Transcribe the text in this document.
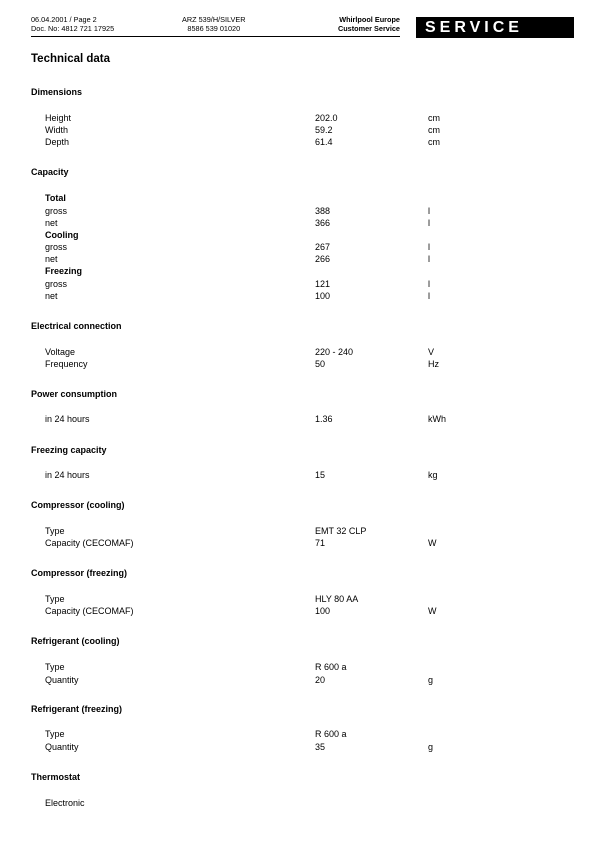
06.04.2001 / Page 2
Doc. No: 4812 721 17925
ARZ 539/H/SILVER
8586 539 01020
Whirlpool Europe
Customer Service	SERVICE
Technical data
Dimensions
Height	202.0	cm
Width	59.2	cm
Depth	61.4	cm
Capacity
Total
gross	388	l
net	366	l
Cooling
gross	267	l
net	266	l
Freezing
gross	121	l
net	100	l
Electrical connection
Voltage	220 - 240	V
Frequency	50	Hz
Power consumption
in 24 hours	1.36	kWh
Freezing capacity
in 24 hours	15	kg
Compressor (cooling)
Type	EMT 32 CLP
Capacity (CECOMAF)	71	W
Compressor (freezing)
Type	HLY 80 AA
Capacity (CECOMAF)	100	W
Refrigerant (cooling)
Type	R 600 a
Quantity	20	g
Refrigerant (freezing)
Type	R 600 a
Quantity	35	g
Thermostat
Electronic
